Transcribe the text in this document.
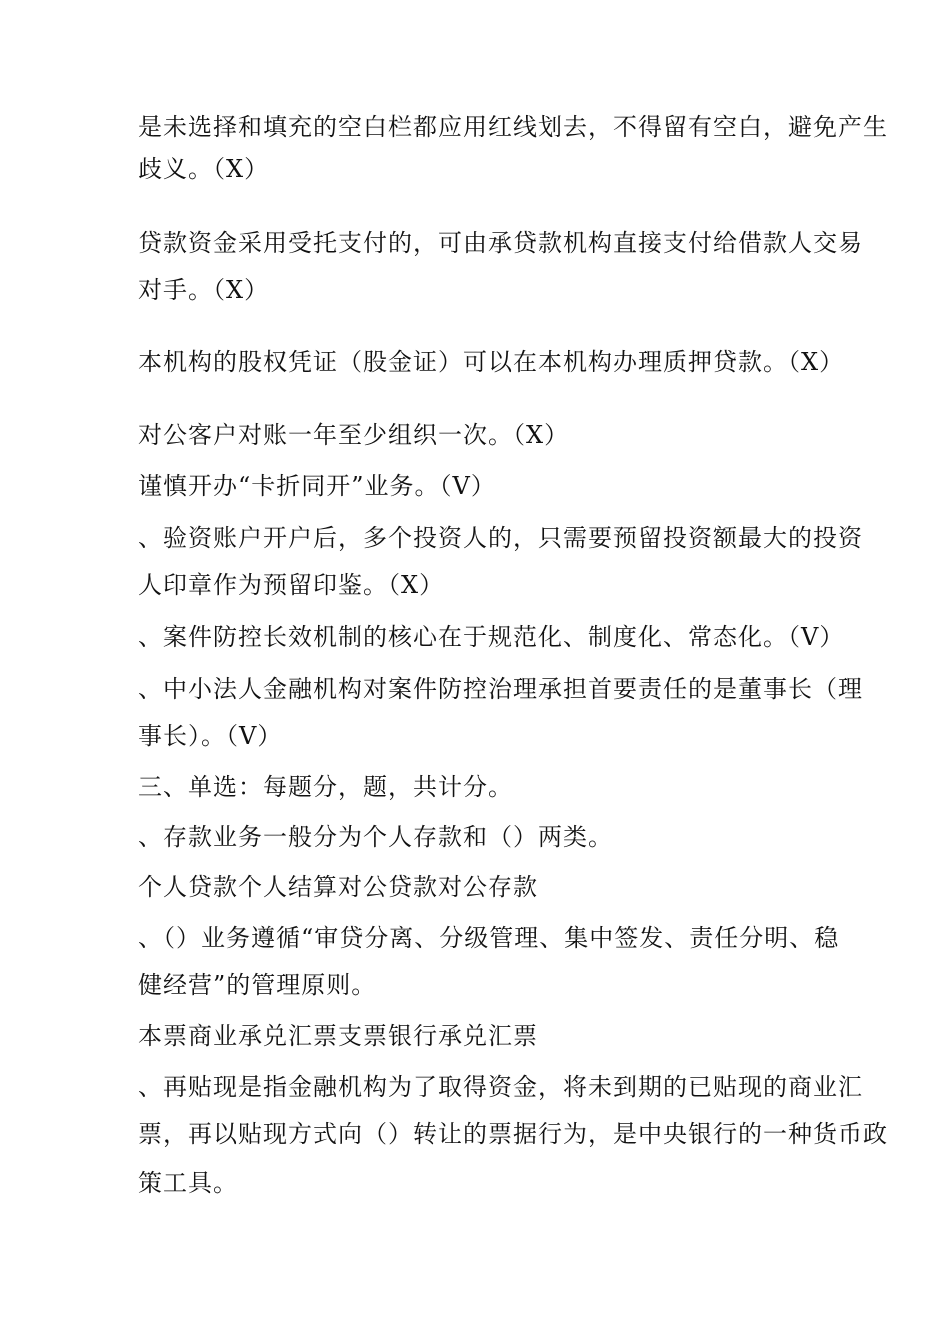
是未选择和填充的空白栏都应用红线划去，不得留有空白，避免产生
歧义。（X）
贷款资金采用受托支付的，可由承贷款机构直接支付给借款人交易
对手。（X）
本机构的股权凭证（股金证）可以在本机构办理质押贷款。（X）
对公客户对账一年至少组织一次。（X）
谨慎开办“卡折同开”业务。（V）
、验资账户开户后，多个投资人的，只需要预留投资额最大的投资
人印章作为预留印鉴。（X）
、案件防控长效机制的核心在于规范化、制度化、常态化。（V）
、中小法人金融机构对案件防控治理承担首要责任的是董事长（理
事长）。（V）
三、单选：每题分，题，共计分。
、存款业务一般分为个人存款和（）两类。
个人贷款个人结算对公贷款对公存款
、（）业务遵循“审贷分离、分级管理、集中签发、责任分明、稳
健经营”的管理原则。
本票商业承兑汇票支票银行承兑汇票
、再贴现是指金融机构为了取得资金，将未到期的已贴现的商业汇
票，再以贴现方式向（）转让的票据行为，是中央银行的一种货币政
策工具。
